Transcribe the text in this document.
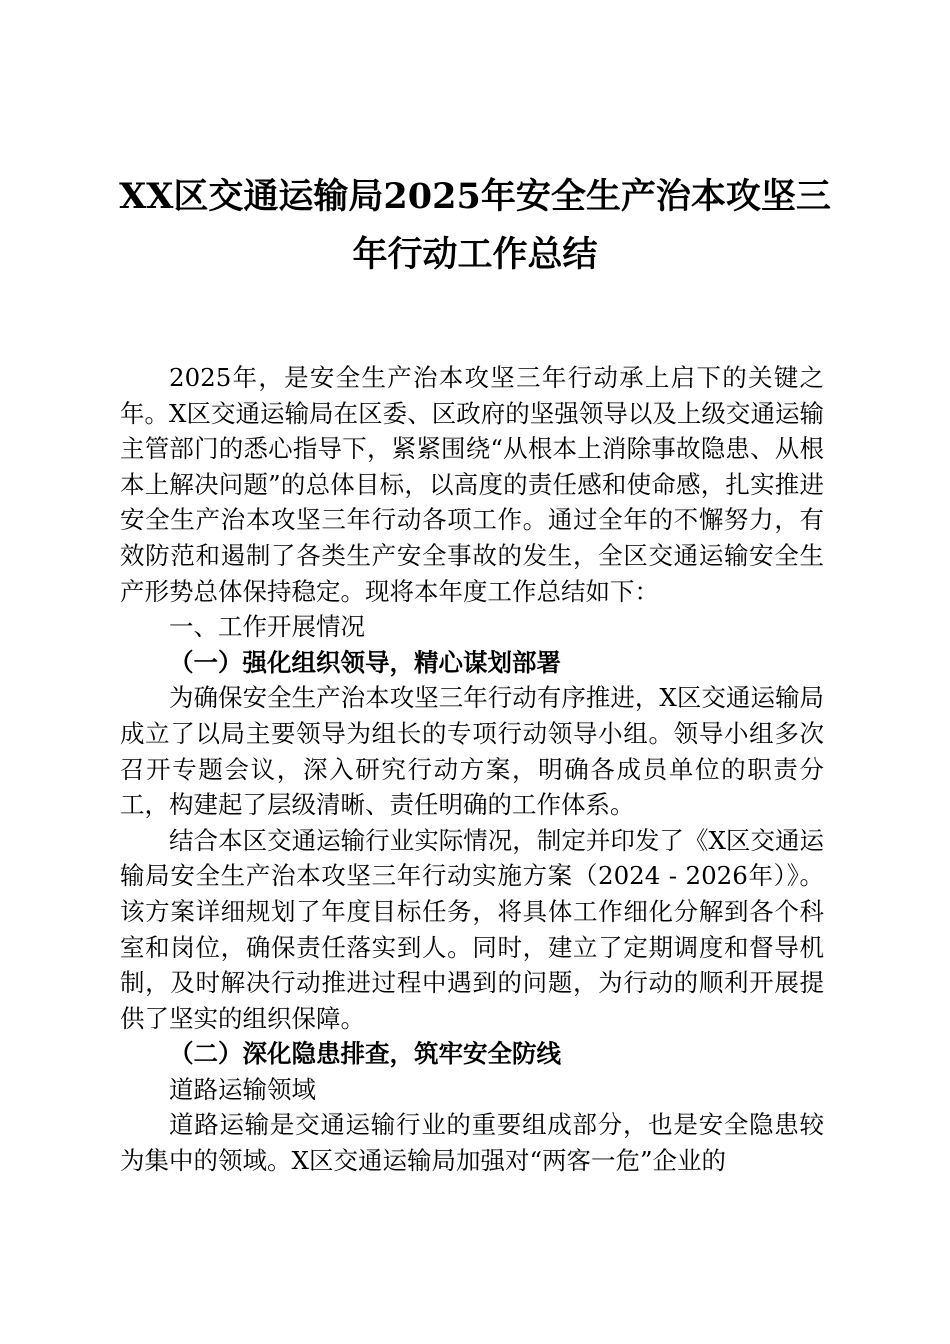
XX区交通运输局2025年安全生产治本攻坚三
年行动工作总结

2025年，是安全生产治本攻坚三年行动承上启下的关键之年。X区交通运输局在区委、区政府的坚强领导以及上级交通运输主管部门的悉心指导下，紧紧围绕“从根本上消除事故隐患、从根本上解决问题”的总体目标，以高度的责任感和使命感，扎实推进安全生产治本攻坚三年行动各项工作。通过全年的不懈努力，有效防范和遏制了各类生产安全事故的发生，全区交通运输安全生产形势总体保持稳定。现将本年度工作总结如下：

一、工作开展情况

（一）强化组织领导，精心谋划部署

为确保安全生产治本攻坚三年行动有序推进，X区交通运输局成立了以局主要领导为组长的专项行动领导小组。领导小组多次召开专题会议，深入研究行动方案，明确各成员单位的职责分工，构建起了层级清晰、责任明确的工作体系。

结合本区交通运输行业实际情况，制定并印发了《X区交通运输局安全生产治本攻坚三年行动实施方案（2024 - 2026年）》。该方案详细规划了年度目标任务，将具体工作细化分解到各个科室和岗位，确保责任落实到人。同时，建立了定期调度和督导机制，及时解决行动推进过程中遇到的问题，为行动的顺利开展提供了坚实的组织保障。

（二）深化隐患排查，筑牢安全防线

道路运输领域

道路运输是交通运输行业的重要组成部分，也是安全隐患较为集中的领域。X区交通运输局加强对“两客一危”企业的
